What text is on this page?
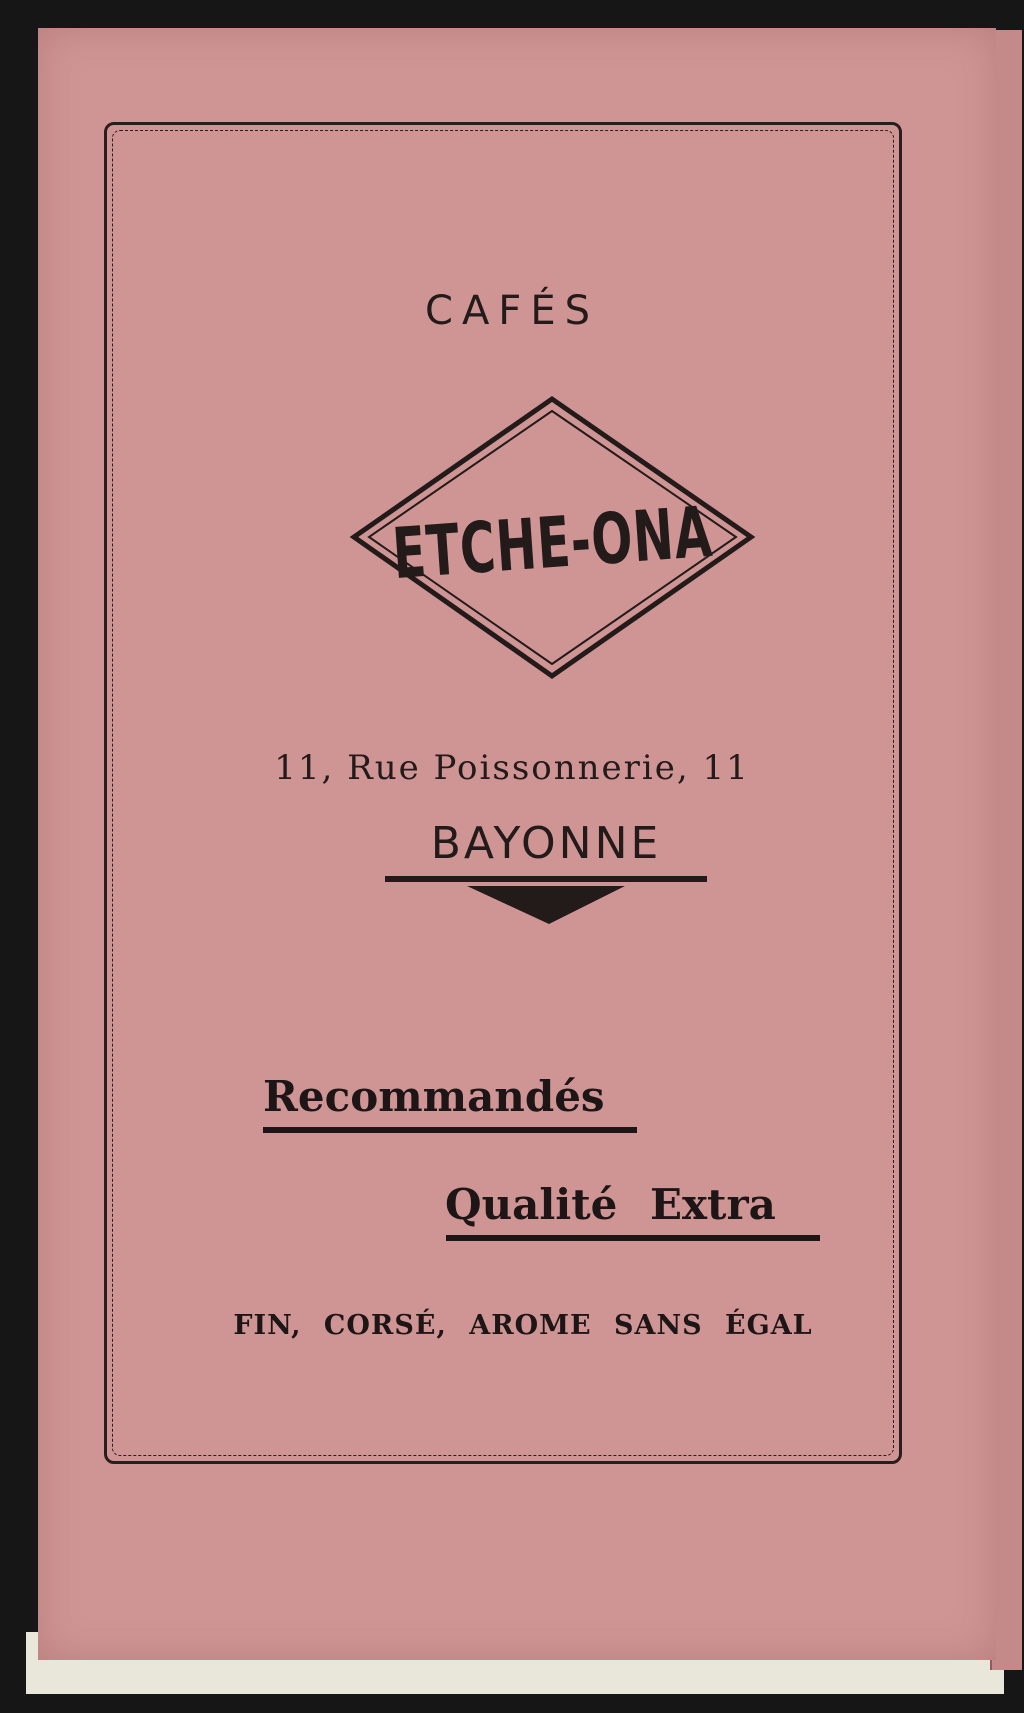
CAFÉS
ETCHE-ONA
11, Rue Poissonnerie, 11
BAYONNE
Recommandés
Qualité Extra
FIN, CORSÉ, AROME SANS ÉGAL
